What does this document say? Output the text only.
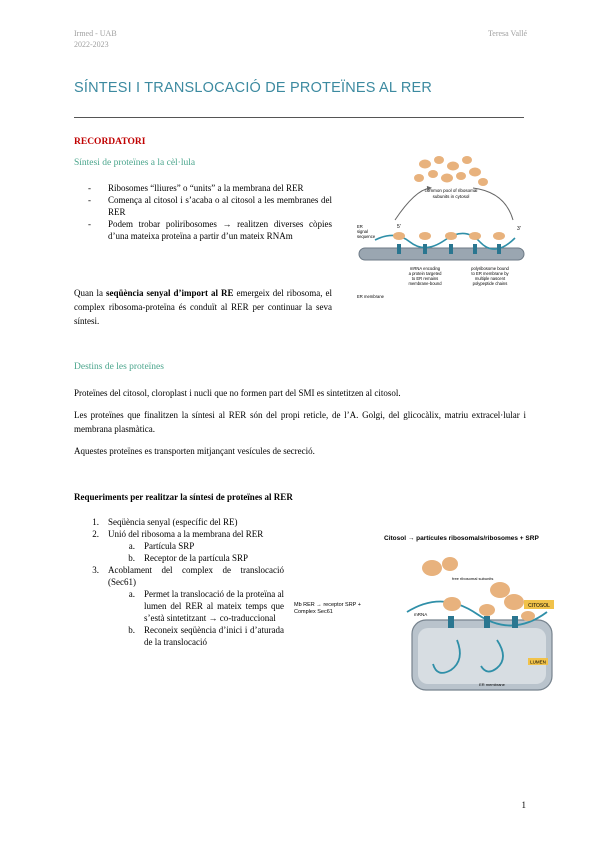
Irmed - UAB
2022-2023
Teresa Vallé
SÍNTESI I TRANSLOCACIÓ DE PROTEÏNES AL RER
RECORDATORI
Síntesi de proteïnes a la cèl·lula
-	Ribosomes “lliures” o “units” a la membrana del RER
-	Comença al citosol i s’acaba o al citosol a les membranes del RER
-	Podem trobar poliribosomes → realitzen diverses còpies d’una mateixa proteïna a partir d’un mateix RNAm
Quan la seqüència senyal d’import al RE emergeix del ribosoma, el complex ribosoma-proteïna és conduït al RER per continuar la seva síntesi.
common pool of ribosomal
subunits in cytosol
5'	3'
ER
signal
sequence
mRNA encoding
a protein targeted
to ER remains
membrane-bound
polyribosome bound
to ER membrane by
multiple nascent
polypeptide chains
ER membrane
Destins de les proteïnes
Proteïnes del citosol, cloroplast i nucli que no formen part del SMI es sintetitzen al citosol.
Les proteïnes que finalitzen la síntesi al RER són del propi reticle, de l’A. Golgi, del glicocàlix, matriu extracel·lular i membrana plasmàtica.
Aquestes proteïnes es transporten mitjançant vesícules de secreció.
Requeriments per realitzar la síntesi de proteïnes al RER
1.	Seqüència senyal (específic del RE)
2.	Unió del ribosoma a la membrana del RER
a.	Partícula SRP
b.	Receptor de la partícula SRP
3.	Acoblament del complex de translocació (Sec61)
a.	Permet la translocació de la proteïna al lumen del RER al mateix temps que s’està sintetitzant → co-traduccional
b.	Reconeix seqüència d’inici i d’aturada de la translocació
Citosol → partícules ribosomals/ribosomes + SRP
Mb RER → receptor SRP +
Complex Sec61
CITOSOL
free ribosomal subunits
mRNA
LUMEN
ER membrane
1
